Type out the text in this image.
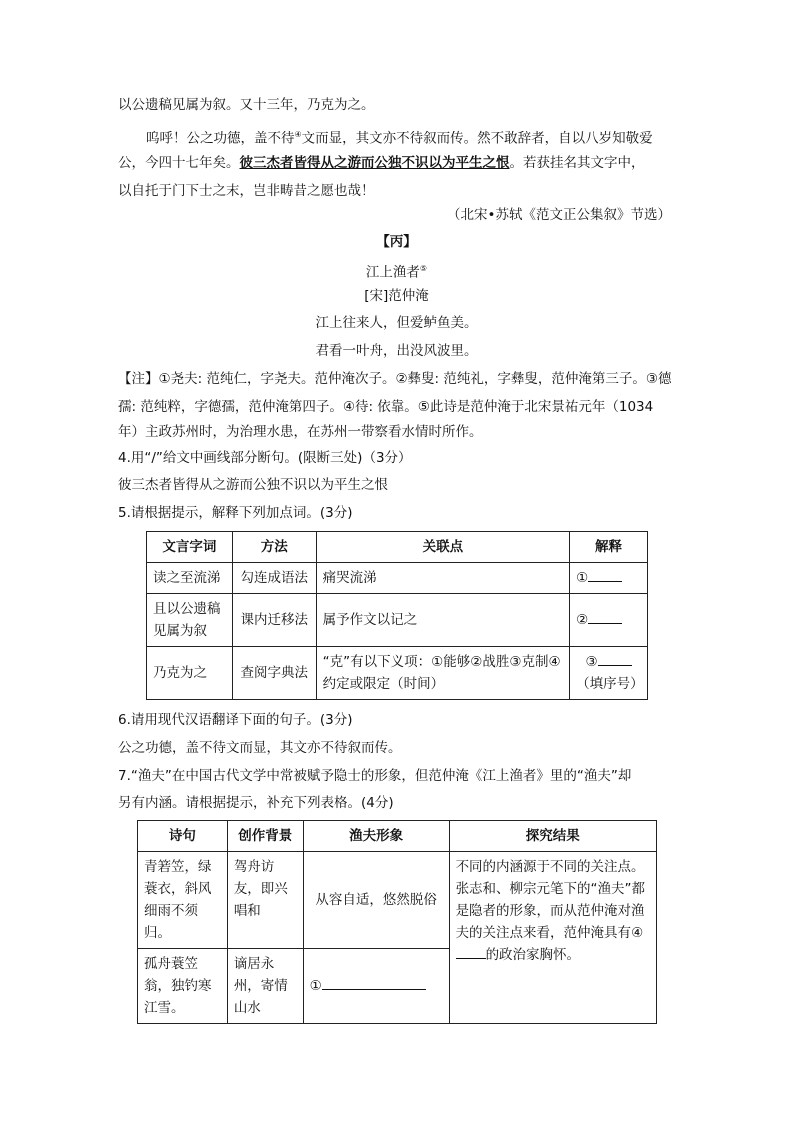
以公遗稿见属为叙。又十三年，乃克为之。
呜呼！公之功德，盖不待④文而显，其文亦不待叙而传。然不敢辞者，自以八岁知敬爱
公，今四十七年矣。彼三杰者皆得从之游而公独不识以为平生之恨。若获挂名其文字中，
以自托于门下士之末，岂非畴昔之愿也哉！
（北宋•苏轼《范文正公集叙》节选）
【丙】
江上渔者⑤
[宋]范仲淹
江上往来人，但爱鲈鱼美。
君看一叶舟，出没风波里。
【注】①尧夫: 范纯仁，字尧夫。范仲淹次子。②彝叟: 范纯礼，字彝叟，范仲淹第三子。③德
孺: 范纯粹，字德孺，范仲淹第四子。④待: 依靠。⑤此诗是范仲淹于北宋景祐元年（1034
年）主政苏州时，为治理水患，在苏州一带察看水情时所作。
4.用“/”给文中画线部分断句。(限断三处)（3分）
彼三杰者皆得从之游而公独不识以为平生之恨
5.请根据提示，解释下列加点词。(3分)
文言字词	方法	关联点	解释
读之至流涕	勾连成语法	痛哭流涕	①
且以公遗稿见属为叙	课内迁移法	属予作文以记之	②
乃克为之	查阅字典法	“克”有以下义项：①能够②战胜③克制④约定或限定（时间）	③
（填序号）
6.请用现代汉语翻译下面的句子。(3分)
公之功德，盖不待文而显，其文亦不待叙而传。
7.“渔夫”在中国古代文学中常被赋予隐士的形象，但范仲淹《江上渔者》里的“渔夫”却
另有内涵。请根据提示，补充下列表格。(4分)
诗句	创作背景	渔夫形象	探究结果
青箬笠，绿蓑衣，斜风细雨不须归。	驾舟访友，即兴唱和	从容自适，悠然脱俗	不同的内涵源于不同的关注点。张志和、柳宗元笔下的“渔夫”都是隐者的形象，而从范仲淹对渔夫的关注点来看，范仲淹具有④的政治家胸怀。
孤舟蓑笠翁，独钓寒江雪。	谪居永州，寄情山水	①	
